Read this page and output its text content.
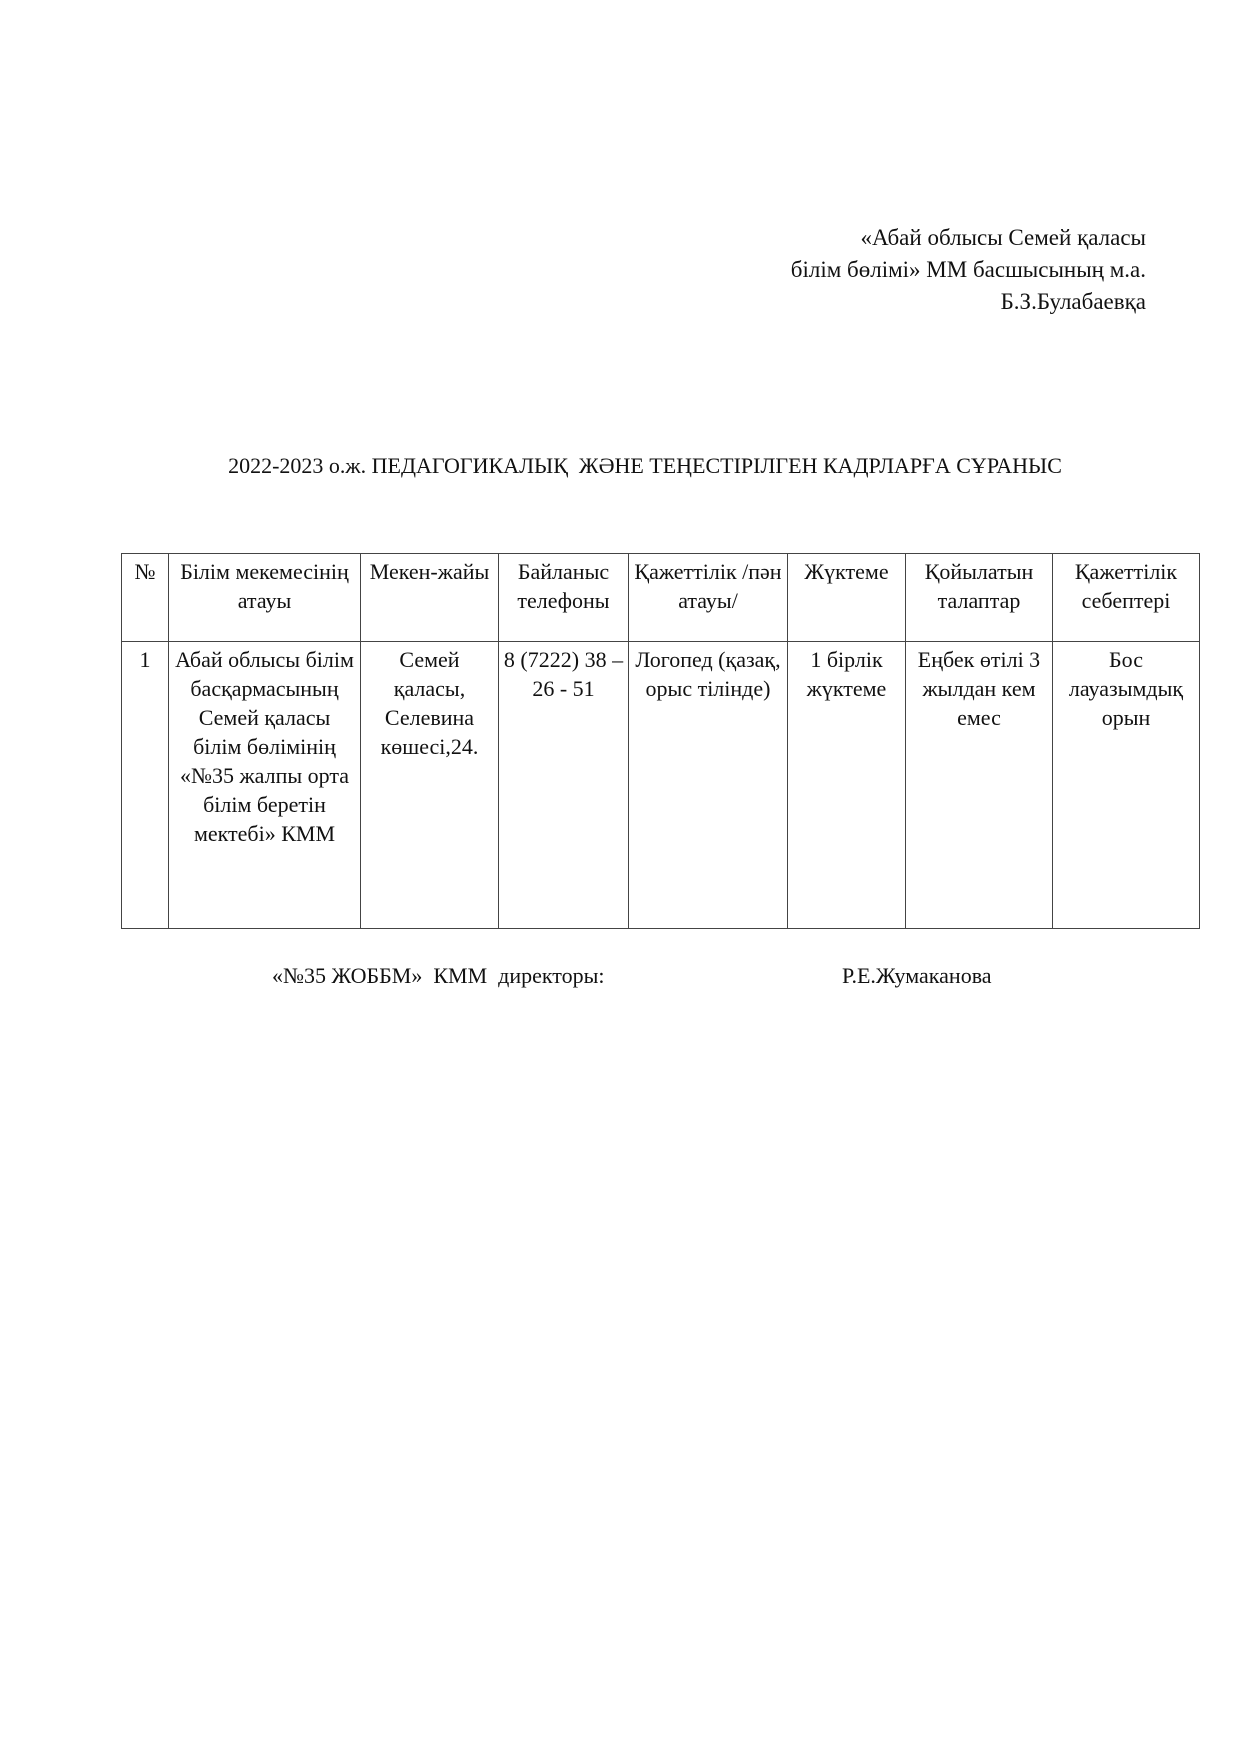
«Абай облысы Семей қаласы
білім бөлімі» ММ басшысының м.а.
Б.З.Булабаевқа
2022-2023 о.ж. ПЕДАГОГИКАЛЫҚ  ЖӘНЕ ТЕҢЕСТІРІЛГЕН КАДРЛАРҒА СҰРАНЫС
№	Білім мекемесінің атауы	Мекен-жайы	Байланыс телефоны	Қажеттілік /пән атауы/	Жүктеме	Қойылатын талаптар	Қажеттілік себептері
1	Абай облысы білім басқармасының Семей қаласы білім бөлімінің «№35 жалпы орта білім беретін мектебі» КММ	Семей қаласы, Селевина көшесі,24.	8 (7222) 38 – 26 - 51	Логопед (қазақ, орыс тілінде)	1 бірлік жүктеме	Еңбек өтілі 3 жылдан кем емес	Бос лауазымдық орын
«№35 ЖОББМ»  КММ  директоры:	Р.Е.Жумаканова
